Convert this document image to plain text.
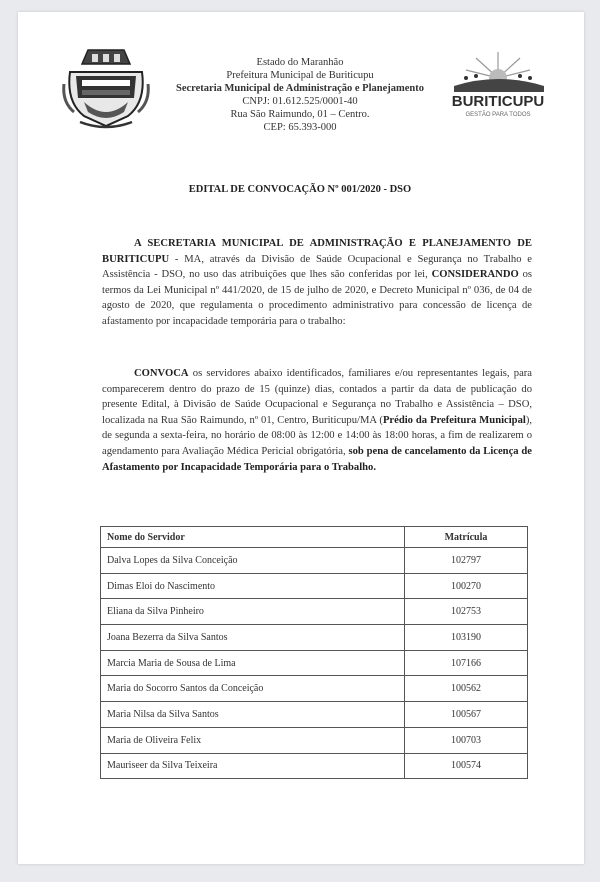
BURITICUPU
GESTÃO PARA TODOS
Estado do Maranhão
Prefeitura Municipal de Buriticupu
Secretaria Municipal de Administração e Planejamento
CNPJ: 01.612.525/0001-40
Rua São Raimundo, 01 – Centro.
CEP: 65.393-000
EDITAL DE CONVOCAÇÃO Nº 001/2020 - DSO
A SECRETARIA MUNICIPAL DE ADMINISTRAÇÃO E PLANEJAMENTO DE BURITICUPU - MA, através da Divisão de Saúde Ocupacional e Segurança no Trabalho e Assistência - DSO, no uso das atribuições que lhes são conferidas por lei, CONSIDERANDO os termos da Lei Municipal nº 441/2020, de 15 de julho de 2020, e Decreto Municipal nº 036, de 04 de agosto de 2020, que regulamenta o procedimento administrativo para concessão de licença de afastamento por incapacidade temporária para o trabalho:
CONVOCA os servidores abaixo identificados, familiares e/ou representantes legais, para comparecerem dentro do prazo de 15 (quinze) dias, contados a partir da data de publicação do presente Edital, à Divisão de Saúde Ocupacional e Segurança no Trabalho e Assistência – DSO, localizada na Rua São Raimundo, nº 01, Centro, Buriticupu/MA (Prédio da Prefeitura Municipal), de segunda a sexta-feira, no horário de 08:00 às 12:00 e 14:00 às 18:00 horas, a fim de realizarem o agendamento para Avaliação Médica Pericial obrigatória, sob pena de cancelamento da Licença de Afastamento por Incapacidade Temporária para o Trabalho.
Nome do Servidor	Matrícula
Dalva Lopes da Silva Conceição	102797
Dimas Eloi do Nascimento	100270
Eliana da Silva Pinheiro	102753
Joana Bezerra da Silva Santos	103190
Marcia Maria de Sousa de Lima	107166
Maria do Socorro Santos da Conceição	100562
Maria Nilsa da Silva Santos	100567
Maria de Oliveira Felix	100703
Mauriseer da Silva Teixeira	100574
